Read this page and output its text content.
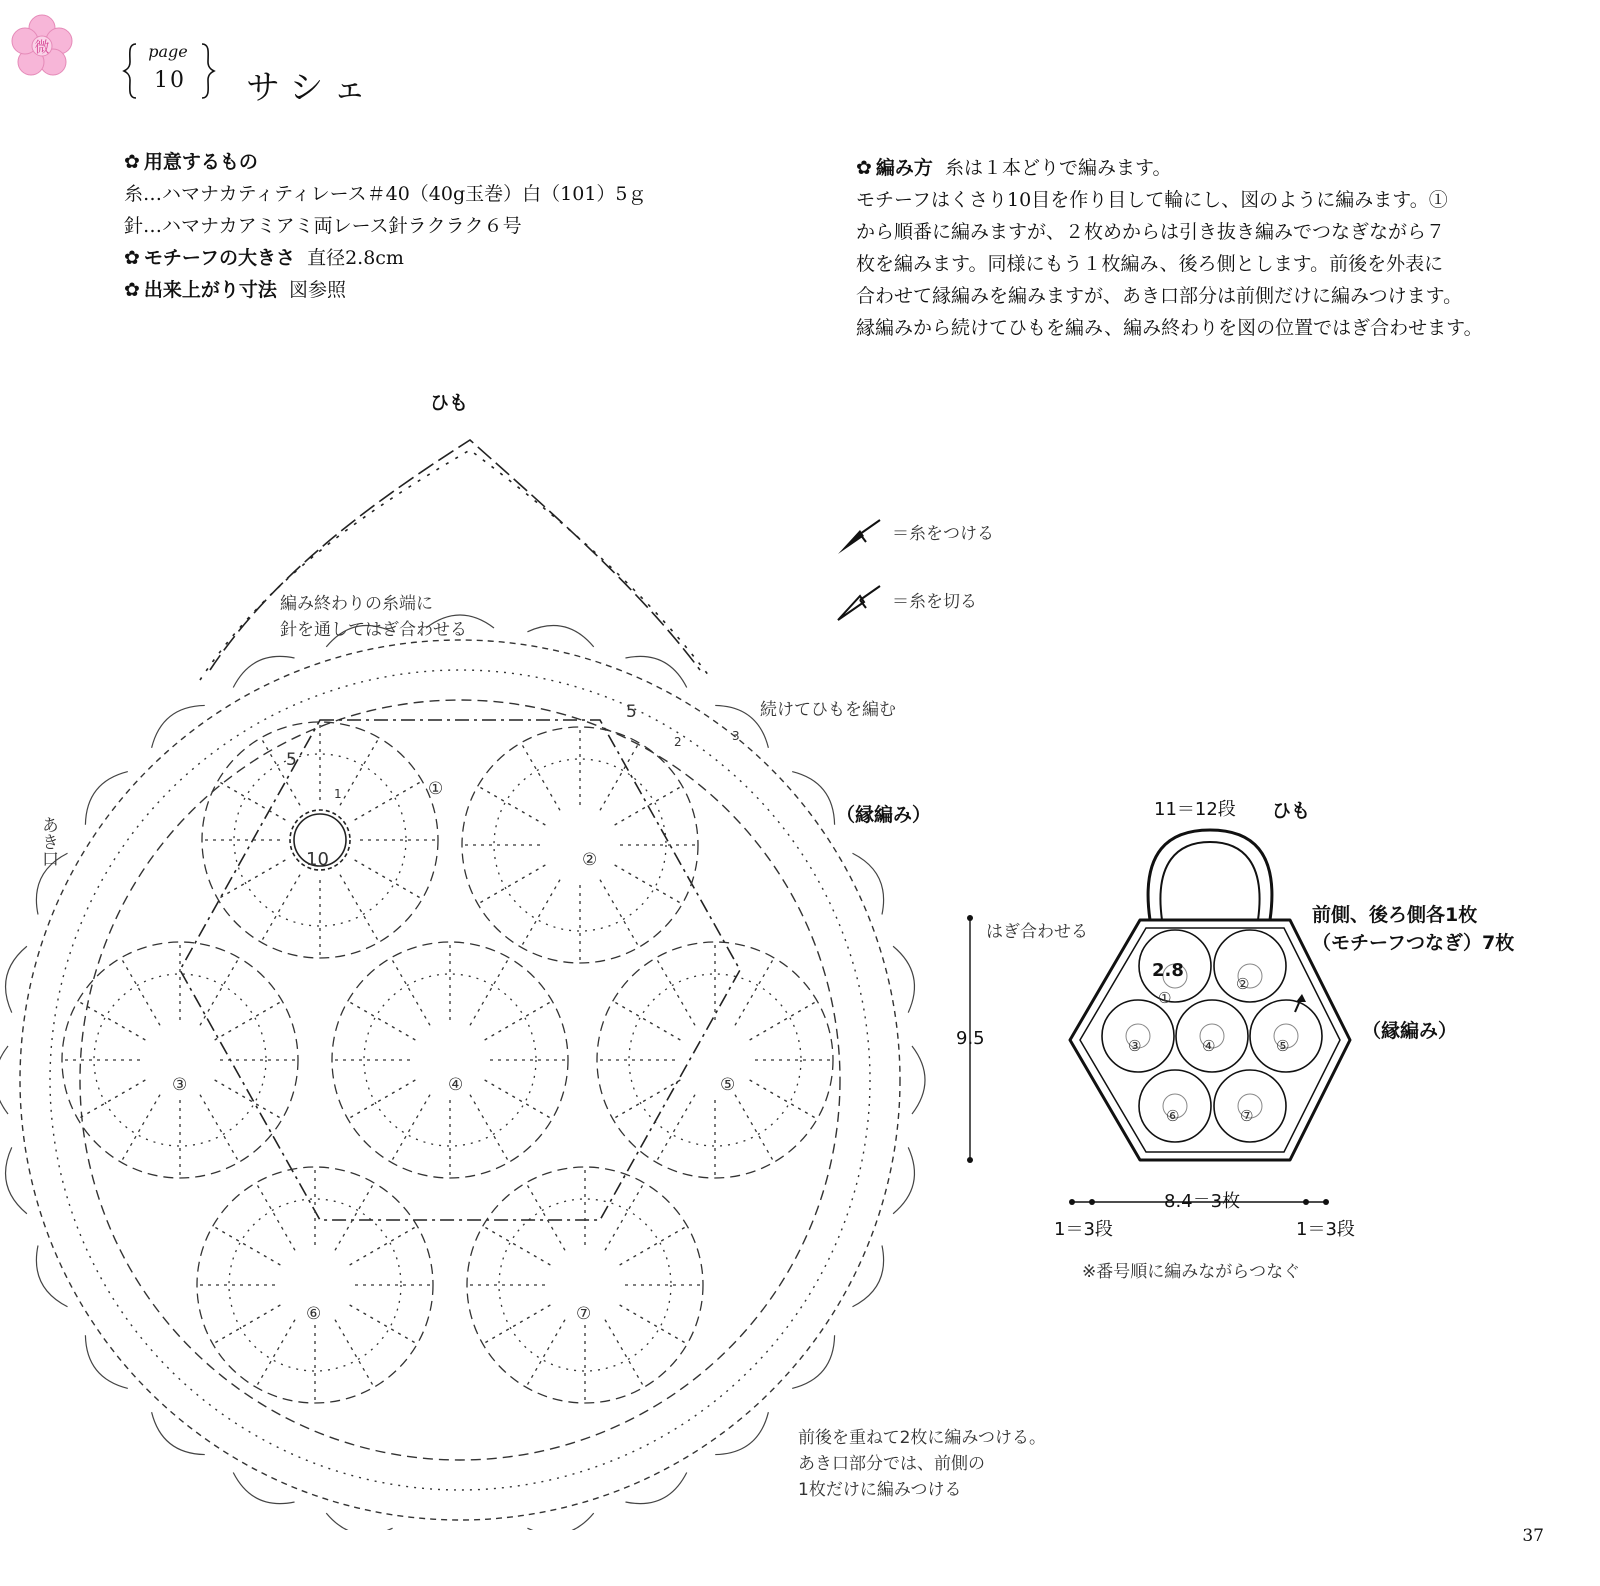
微	page
10 サシェ
✿ 用意するもの
糸…ハマナカティティレース＃40（40g玉巻）白（101）5ｇ
針…ハマナカアミアミ両レース針ラクラク６号
✿ モチーフの大きさ 直径2.8cm
✿ 出来上がり寸法 図参照
✿ 編み方 糸は１本どりで編みます。
モチーフはくさり10目を作り目して輪にし、図のように編みます。①
から順番に編みますが、２枚めからは引き抜き編みでつなぎながら７
枚を編みます。同様にもう１枚編み、後ろ側とします。前後を外表に
合わせて縁編みを編みますが、あき口部分は前側だけに編みつけます。
縁編みから続けてひもを編み、編み終わりを図の位置ではぎ合わせます。
＝糸をつける
＝糸を切る
ひも
編み終わりの糸端に
針を通してはぎ合わせる
続けてひもを編む
（縁編み）
あき口	10
5
5
1
2	3
①
②
③	④	⑤
⑥	⑦
前後を重ねて2枚に編みつける。
あき口部分では、前側の
1枚だけに編みつける
9.5
11＝12段 ひも
はぎ合わせる
前側、後ろ側各1枚
（モチーフつなぎ）7枚
2.8
（縁編み）
8.4＝3枚
1＝3段	1＝3段
※番号順に編みながらつなぐ
①
②
③	④	⑤
⑥	⑦
37
